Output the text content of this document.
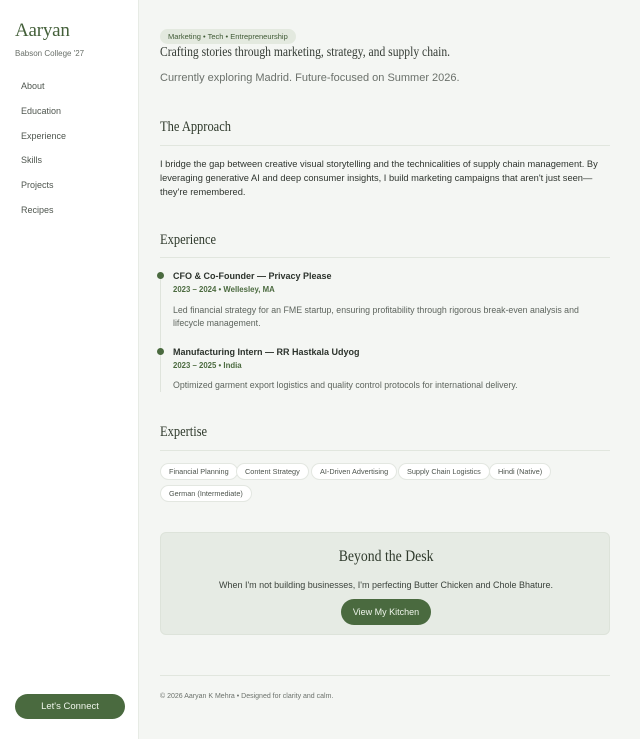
Aaryan
Babson College '27
About
Education
Experience
Skills
Projects
Recipes
Let's Connect
Marketing • Tech • Entrepreneurship
Crafting stories through marketing, strategy, and supply chain.
Currently exploring Madrid. Future-focused on Summer 2026.
The Approach

I bridge the gap between creative visual storytelling and the technicalities of supply chain management. By leveraging generative AI and deep consumer insights, I build marketing campaigns that aren't just seen—they're remembered.

Experience
CFO & Co-Founder — Privacy Please
2023 – 2024 • Wellesley, MA
Led financial strategy for an FME startup, ensuring profitability through rigorous break-even analysis and lifecycle management.
Manufacturing Intern — RR Hastkala Udyog
2023 – 2025 • India
Optimized garment export logistics and quality control protocols for international delivery.
Expertise
Financial Planning	Content Strategy	AI-Driven Advertising	Supply Chain Logistics	Hindi (Native)
German (Intermediate)
Beyond the Desk
When I'm not building businesses, I'm perfecting Butter Chicken and Chole Bhature.
View My Kitchen
© 2026 Aaryan K Mehra • Designed for clarity and calm.
